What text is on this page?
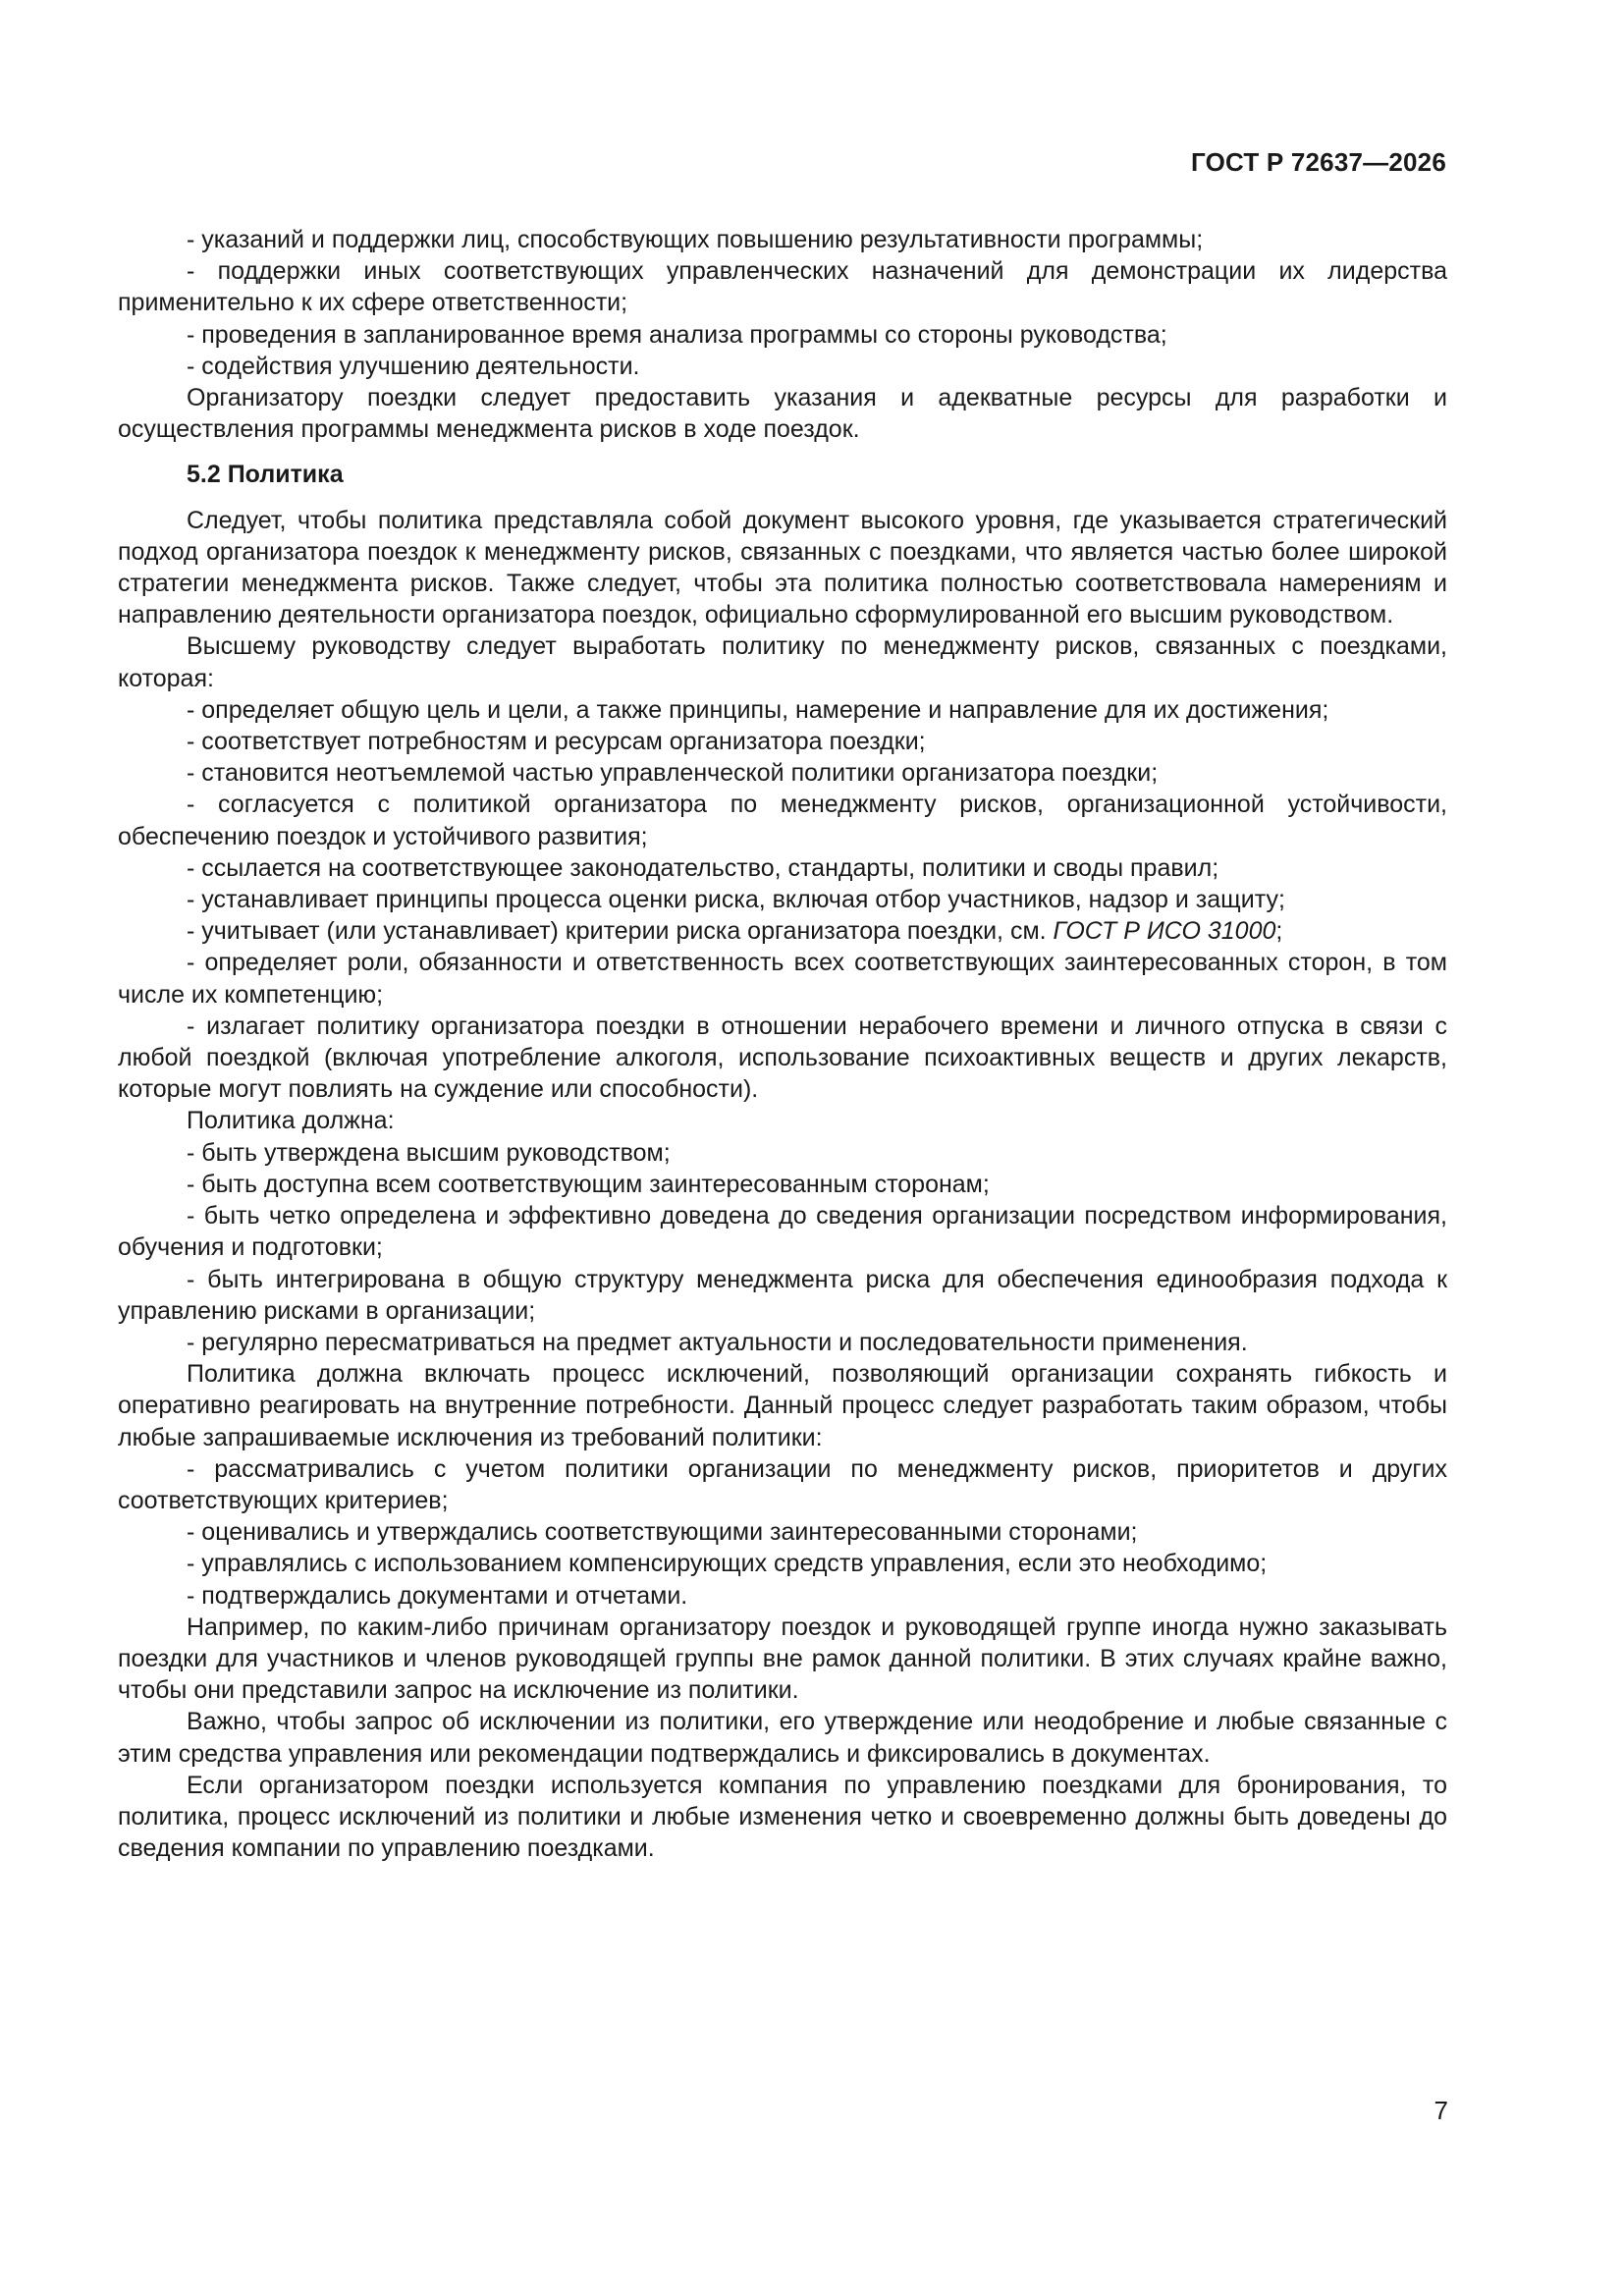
ГОСТ Р 72637—2026

- указаний и поддержки лиц, способствующих повышению результативности программы;

- поддержки иных соответствующих управленческих назначений для демонстрации их лидерства применительно к их сфере ответственности;

- проведения в запланированное время анализа программы со стороны руководства;

- содействия улучшению деятельности.

Организатору поездки следует предоставить указания и адекватные ресурсы для разработки и осуществления программы менеджмента рисков в ходе поездок.

5.2 Политика

Следует, чтобы политика представляла собой документ высокого уровня, где указывается стратегический подход организатора поездок к менеджменту рисков, связанных с поездками, что является частью более широкой стратегии менеджмента рисков. Также следует, чтобы эта политика полностью соответствовала намерениям и направлению деятельности организатора поездок, официально сформулированной его высшим руководством.

Высшему руководству следует выработать политику по менеджменту рисков, связанных с поездками, которая:

- определяет общую цель и цели, а также принципы, намерение и направление для их достижения;

- соответствует потребностям и ресурсам организатора поездки;

- становится неотъемлемой частью управленческой политики организатора поездки;

- согласуется с политикой организатора по менеджменту рисков, организационной устойчивости, обеспечению поездок и устойчивого развития;

- ссылается на соответствующее законодательство, стандарты, политики и своды правил;

- устанавливает принципы процесса оценки риска, включая отбор участников, надзор и защиту;

- учитывает (или устанавливает) критерии риска организатора поездки, см. ГОСТ Р ИСО 31000;

- определяет роли, обязанности и ответственность всех соответствующих заинтересованных сторон, в том числе их компетенцию;

- излагает политику организатора поездки в отношении нерабочего времени и личного отпуска в связи с любой поездкой (включая употребление алкоголя, использование психоактивных веществ и других лекарств, которые могут повлиять на суждение или способности).

Политика должна:

- быть утверждена высшим руководством;

- быть доступна всем соответствующим заинтересованным сторонам;

- быть четко определена и эффективно доведена до сведения организации посредством информирования, обучения и подготовки;

- быть интегрирована в общую структуру менеджмента риска для обеспечения единообразия подхода к управлению рисками в организации;

- регулярно пересматриваться на предмет актуальности и последовательности применения.

Политика должна включать процесс исключений, позволяющий организации сохранять гибкость и оперативно реагировать на внутренние потребности. Данный процесс следует разработать таким образом, чтобы любые запрашиваемые исключения из требований политики:

- рассматривались с учетом политики организации по менеджменту рисков, приоритетов и других соответствующих критериев;

- оценивались и утверждались соответствующими заинтересованными сторонами;

- управлялись с использованием компенсирующих средств управления, если это необходимо;

- подтверждались документами и отчетами.

Например, по каким-либо причинам организатору поездок и руководящей группе иногда нужно заказывать поездки для участников и членов руководящей группы вне рамок данной политики. В этих случаях крайне важно, чтобы они представили запрос на исключение из политики.

Важно, чтобы запрос об исключении из политики, его утверждение или неодобрение и любые связанные с этим средства управления или рекомендации подтверждались и фиксировались в документах.

Если организатором поездки используется компания по управлению поездками для бронирования, то политика, процесс исключений из политики и любые изменения четко и своевременно должны быть доведены до сведения компании по управлению поездками.

7
